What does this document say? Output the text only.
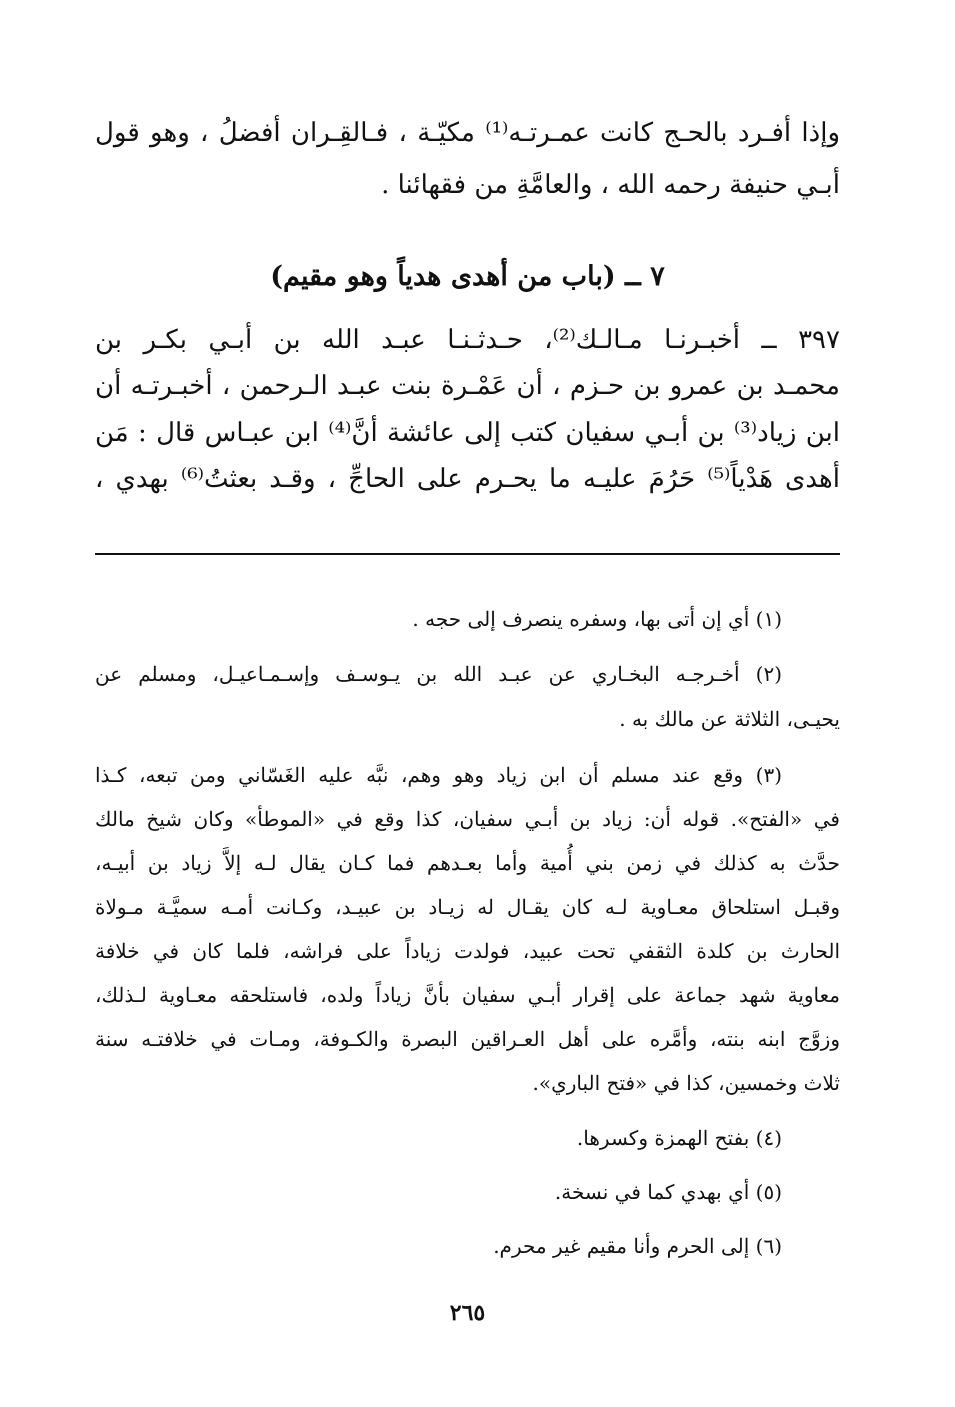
وإذا أفـرد بالحـج كانت عمـرتـه⁽¹⁾ مكيّـة ، فـالقِـران أفضلُ ، وهو قول
أبـي حنيفة رحمه الله ، والعامَّةِ من فقهائنا .
٧ ــ (باب من أهدى هدياً وهو مقيم)
٣٩٧ ــ أخبـرنـا مـالـك⁽²⁾، حـدثـنـا عبـد الله بن أبـي بكـر بن
محمـد بن عمرو بن حـزم ، أن عَمْـرة بنت عبـد الـرحمن ، أخبـرتـه أن
ابن زياد⁽³⁾ بن أبـي سفيان كتب إلى عائشة أنَّ⁽⁴⁾ ابن عبـاس قال : مَن
أهدى هَدْياً⁽⁵⁾ حَرُمَ عليـه ما يحـرم على الحاجِّ ، وقـد بعثتُ⁽⁶⁾ بهدي ،
(١) أي إن أتى بها، وسفره ينصرف إلى حجه .
(٢) أخـرجـه البخـاري عن عبـد الله بن يـوسـف وإسـمـاعيـل، ومسلم عن
يحيـى، الثلاثة عن مالك به .
(٣) وقع عند مسلم أن ابن زياد وهو وهم، نبَّه عليه الغَسّاني ومن تبعه، كـذا
في «الفتح». قوله أن: زياد بن أبـي سفيان، كذا وقع في «الموطأ» وكان شيخ مالك
حدَّث به كذلك في زمن بني أُمية وأما بعـدهم فما كـان يقال لـه إلاَّ زياد بن أبيـه،
وقبـل استلحاق معـاوية لـه كان يقـال له زيـاد بن عبيـد، وكـانت أمـه سميَّـة مـولاة
الحارث بن كلدة الثقفي تحت عبيد، فولدت زياداً على فراشه، فلما كان في خلافة
معاوية شهد جماعة على إقرار أبـي سفيان بأنَّ زياداً ولده، فاستلحقه معـاوية لـذلك،
وزوَّج ابنه بنته، وأمَّره على أهل العـراقين البصرة والكـوفة، ومـات في خلافتـه سنة
ثلاث وخمسين، كذا في «فتح الباري».
(٤) بفتح الهمزة وكسرها.
(٥) أي بهدي كما في نسخة.
(٦) إلى الحرم وأنا مقيم غير محرم.
٢٦٥
